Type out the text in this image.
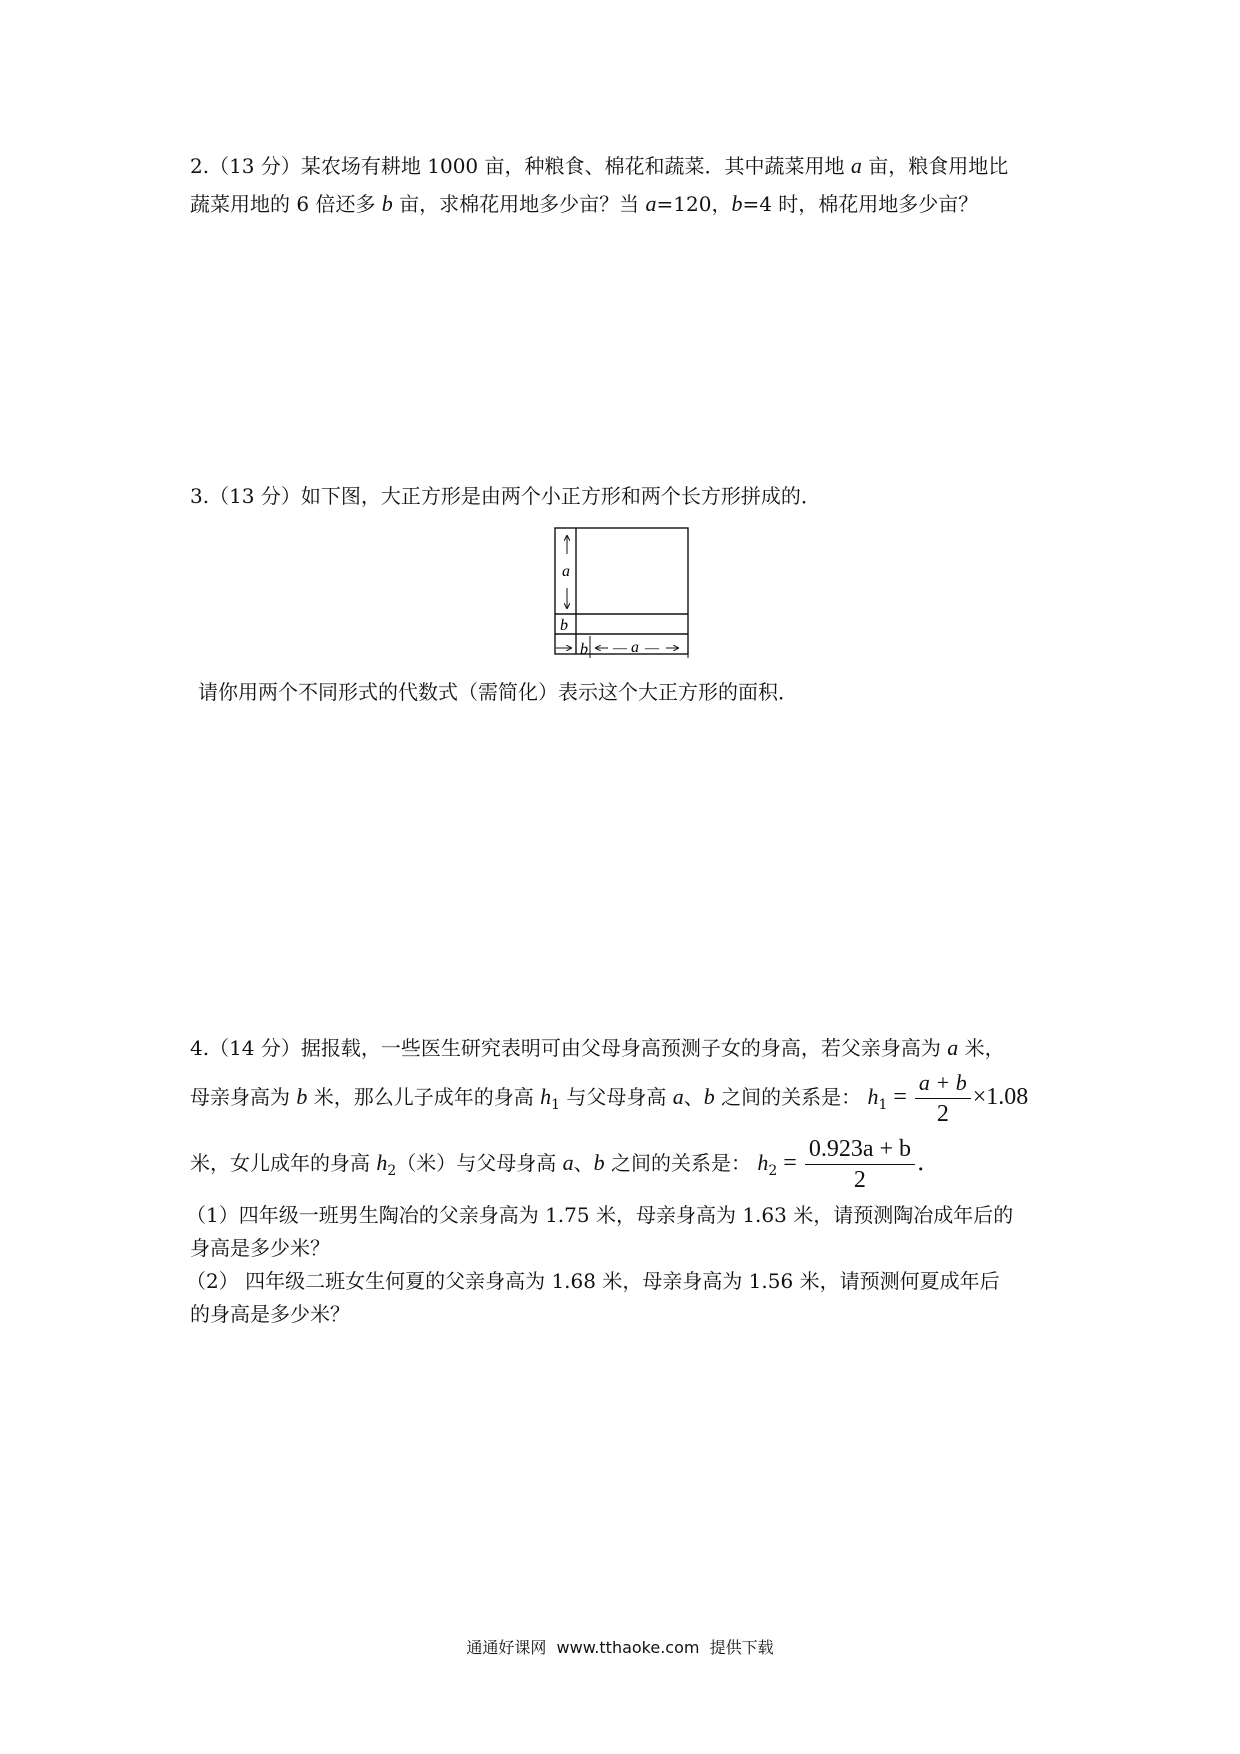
2.（13 分）某农场有耕地 1000 亩，种粮食、棉花和蔬菜．其中蔬菜用地 a 亩，粮食用地比
蔬菜用地的 6 倍还多 b 亩，求棉花用地多少亩？当 a=120，b=4 时，棉花用地多少亩？
3.（13 分）如下图，大正方形是由两个小正方形和两个长方形拼成的．
a
b
b — a —
请你用两个不同形式的代数式（需简化）表示这个大正方形的面积．
4.（14 分）据报载，一些医生研究表明可由父母身高预测子女的身高，若父亲身高为 a 米，
母亲身高为 b 米，那么儿子成年的身高 $h_1$ 与父母身高 a、b 之间的关系是： $h_1 = \frac{a + b}{2} \times 1.08$
米，女儿成年的身高 $h_2$（米）与父母身高 a、b 之间的关系是： $h_2 = \frac{0.923a + b}{2}$ ．
（1）四年级一班男生陶冶的父亲身高为 1.75 米，母亲身高为 1.63 米，请预测陶冶成年后的
身高是多少米？
（2） 四年级二班女生何夏的父亲身高为 1.68 米，母亲身高为 1.56 米，请预测何夏成年后
的身高是多少米？
通通好课网  www.tthaoke.com  提供下载
